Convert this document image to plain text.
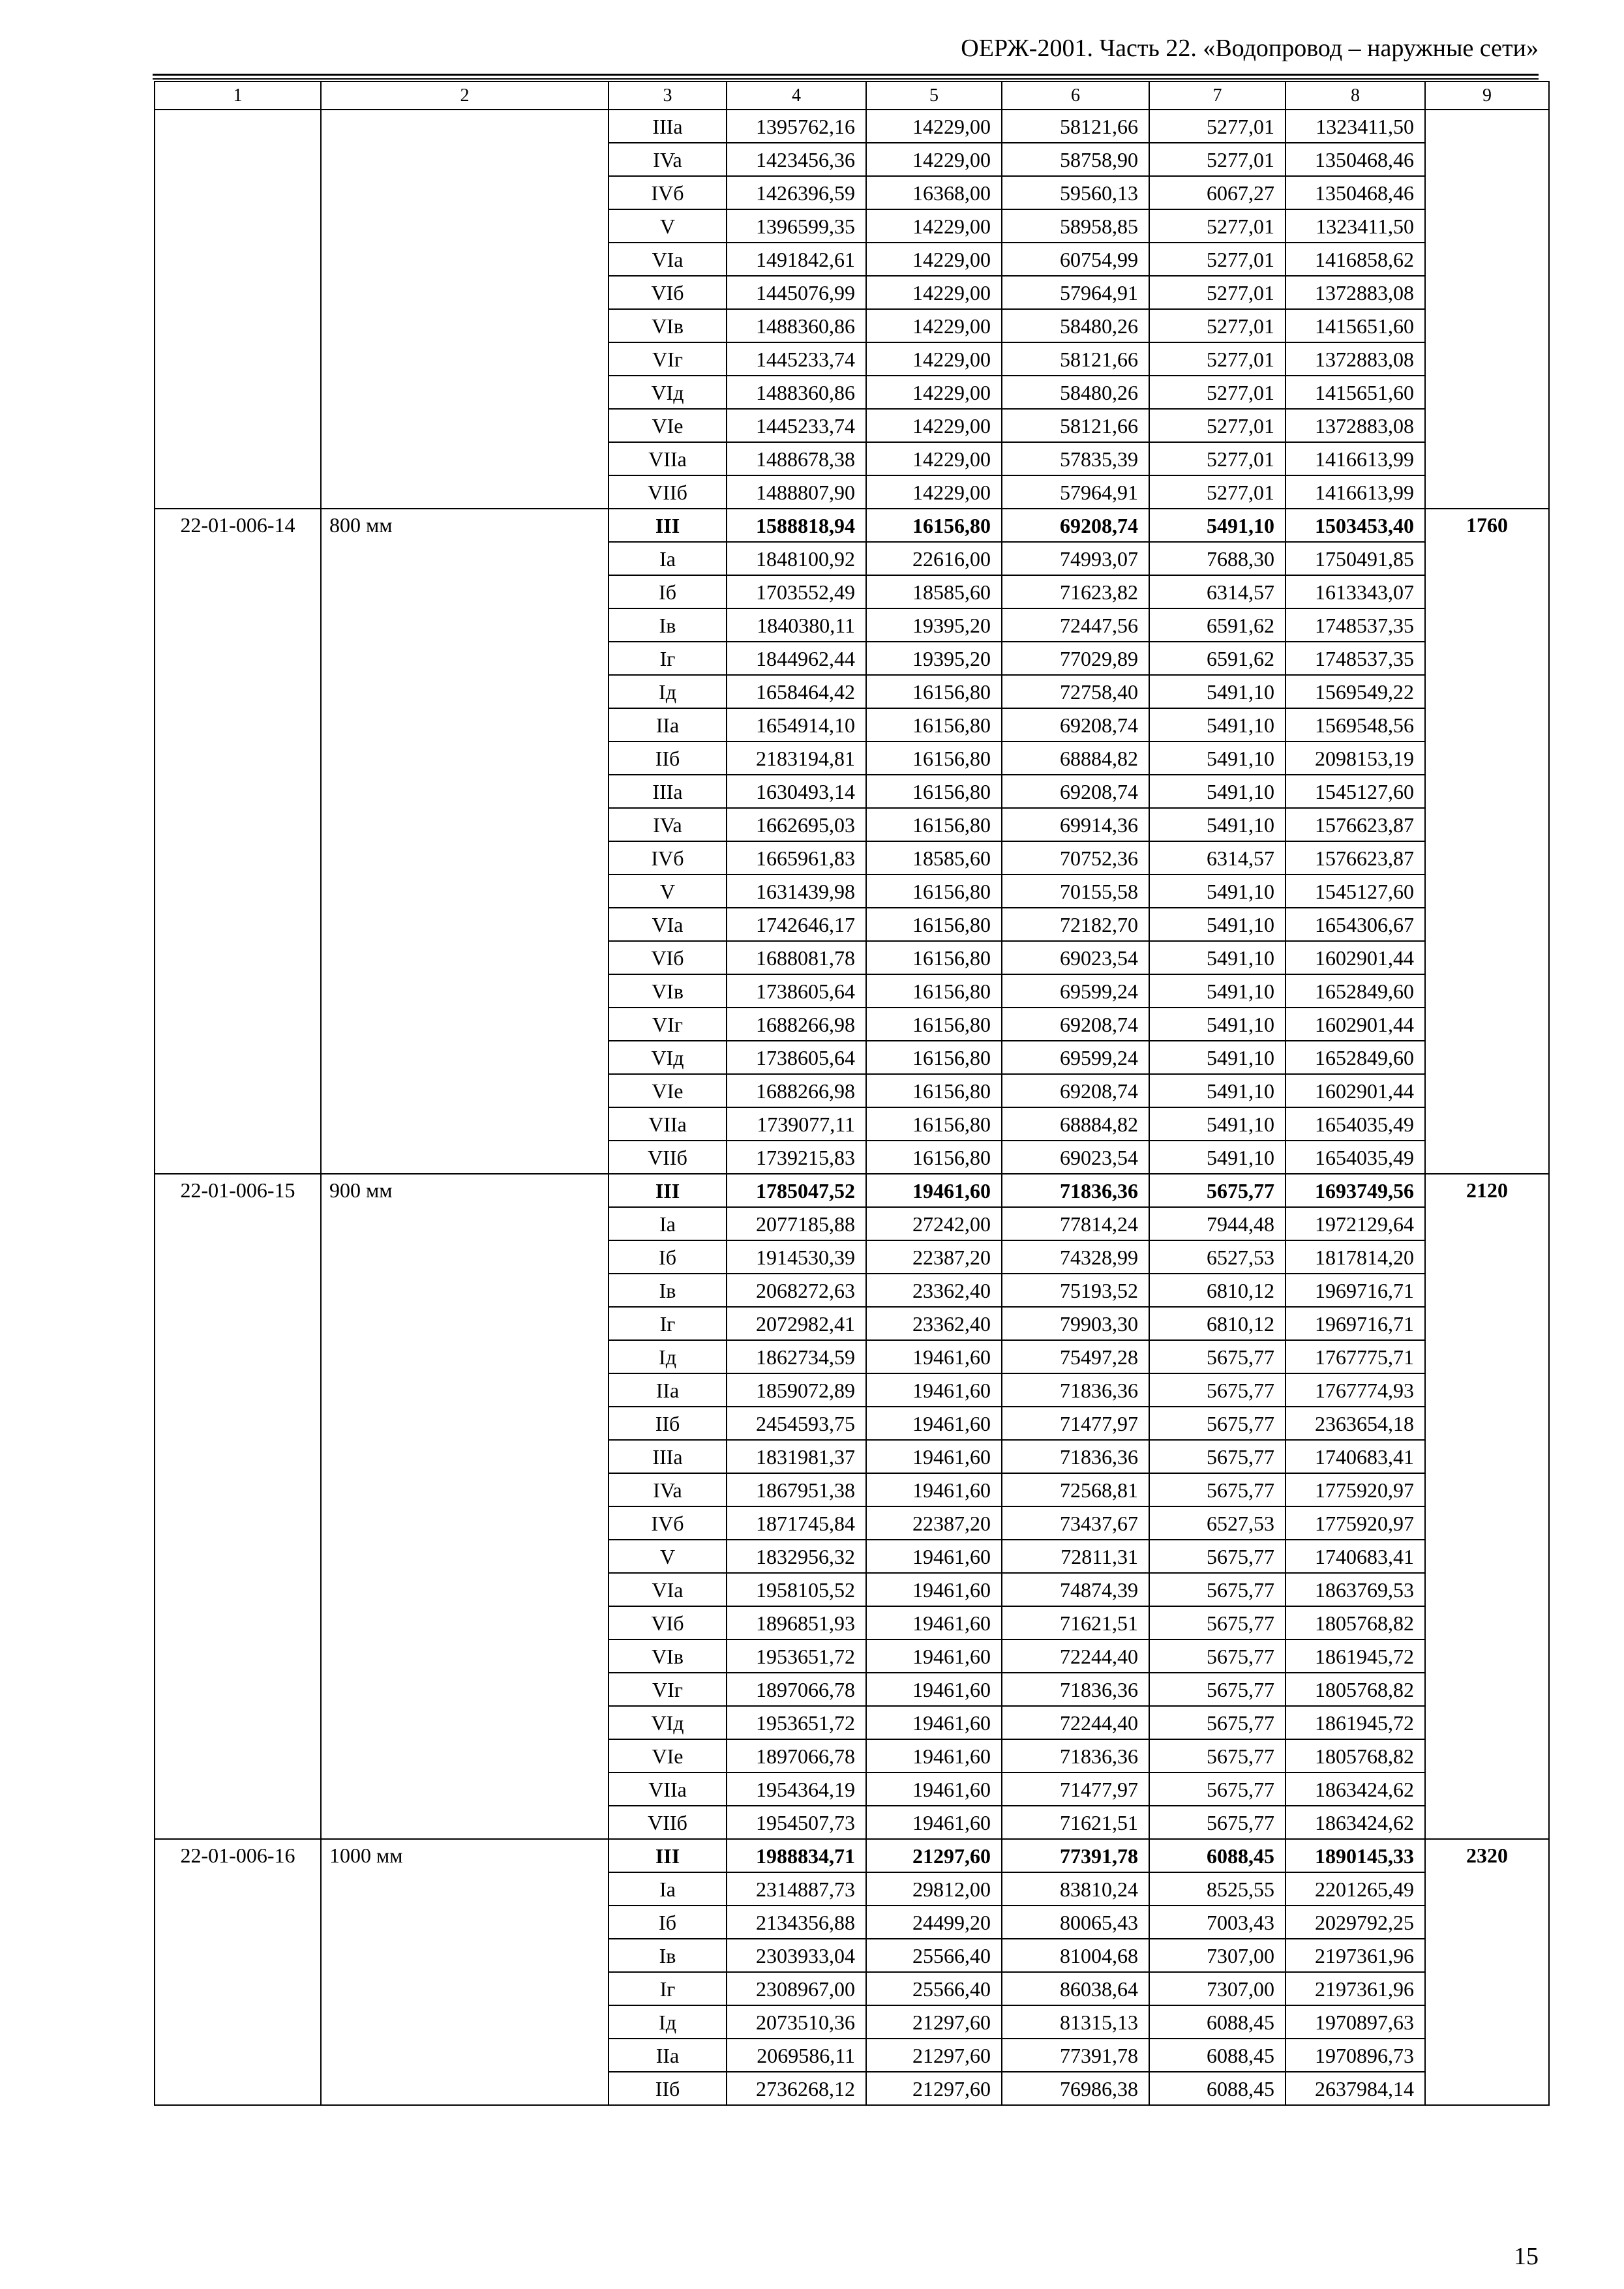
ОЕРЖ-2001. Часть 22. «Водопровод – наружные сети»
1	2	3	4	5	6	7	8	9
		IIIa	1395762,16	14229,00	58121,66	5277,01	1323411,50	
		IVa	1423456,36	14229,00	58758,90	5277,01	1350468,46	
		IVб	1426396,59	16368,00	59560,13	6067,27	1350468,46	
		V	1396599,35	14229,00	58958,85	5277,01	1323411,50	
		VIa	1491842,61	14229,00	60754,99	5277,01	1416858,62	
		VIб	1445076,99	14229,00	57964,91	5277,01	1372883,08	
		VIв	1488360,86	14229,00	58480,26	5277,01	1415651,60	
		VIг	1445233,74	14229,00	58121,66	5277,01	1372883,08	
		VIд	1488360,86	14229,00	58480,26	5277,01	1415651,60	
		VIe	1445233,74	14229,00	58121,66	5277,01	1372883,08	
		VIIa	1488678,38	14229,00	57835,39	5277,01	1416613,99	
		VIIб	1488807,90	14229,00	57964,91	5277,01	1416613,99	
22-01-006-14	800 мм	III	1588818,94	16156,80	69208,74	5491,10	1503453,40	1760
		Ia	1848100,92	22616,00	74993,07	7688,30	1750491,85	
		Iб	1703552,49	18585,60	71623,82	6314,57	1613343,07	
		Iв	1840380,11	19395,20	72447,56	6591,62	1748537,35	
		Iг	1844962,44	19395,20	77029,89	6591,62	1748537,35	
		Iд	1658464,42	16156,80	72758,40	5491,10	1569549,22	
		IIa	1654914,10	16156,80	69208,74	5491,10	1569548,56	
		IIб	2183194,81	16156,80	68884,82	5491,10	2098153,19	
		IIIa	1630493,14	16156,80	69208,74	5491,10	1545127,60	
		IVa	1662695,03	16156,80	69914,36	5491,10	1576623,87	
		IVб	1665961,83	18585,60	70752,36	6314,57	1576623,87	
		V	1631439,98	16156,80	70155,58	5491,10	1545127,60	
		VIa	1742646,17	16156,80	72182,70	5491,10	1654306,67	
		VIб	1688081,78	16156,80	69023,54	5491,10	1602901,44	
		VIв	1738605,64	16156,80	69599,24	5491,10	1652849,60	
		VIг	1688266,98	16156,80	69208,74	5491,10	1602901,44	
		VIд	1738605,64	16156,80	69599,24	5491,10	1652849,60	
		VIe	1688266,98	16156,80	69208,74	5491,10	1602901,44	
		VIIa	1739077,11	16156,80	68884,82	5491,10	1654035,49	
		VIIб	1739215,83	16156,80	69023,54	5491,10	1654035,49	
22-01-006-15	900 мм	III	1785047,52	19461,60	71836,36	5675,77	1693749,56	2120
		Ia	2077185,88	27242,00	77814,24	7944,48	1972129,64	
		Iб	1914530,39	22387,20	74328,99	6527,53	1817814,20	
		Iв	2068272,63	23362,40	75193,52	6810,12	1969716,71	
		Iг	2072982,41	23362,40	79903,30	6810,12	1969716,71	
		Iд	1862734,59	19461,60	75497,28	5675,77	1767775,71	
		IIa	1859072,89	19461,60	71836,36	5675,77	1767774,93	
		IIб	2454593,75	19461,60	71477,97	5675,77	2363654,18	
		IIIa	1831981,37	19461,60	71836,36	5675,77	1740683,41	
		IVa	1867951,38	19461,60	72568,81	5675,77	1775920,97	
		IVб	1871745,84	22387,20	73437,67	6527,53	1775920,97	
		V	1832956,32	19461,60	72811,31	5675,77	1740683,41	
		VIa	1958105,52	19461,60	74874,39	5675,77	1863769,53	
		VIб	1896851,93	19461,60	71621,51	5675,77	1805768,82	
		VIв	1953651,72	19461,60	72244,40	5675,77	1861945,72	
		VIг	1897066,78	19461,60	71836,36	5675,77	1805768,82	
		VIд	1953651,72	19461,60	72244,40	5675,77	1861945,72	
		VIe	1897066,78	19461,60	71836,36	5675,77	1805768,82	
		VIIa	1954364,19	19461,60	71477,97	5675,77	1863424,62	
		VIIб	1954507,73	19461,60	71621,51	5675,77	1863424,62	
22-01-006-16	1000 мм	III	1988834,71	21297,60	77391,78	6088,45	1890145,33	2320
		Ia	2314887,73	29812,00	83810,24	8525,55	2201265,49	
		Iб	2134356,88	24499,20	80065,43	7003,43	2029792,25	
		Iв	2303933,04	25566,40	81004,68	7307,00	2197361,96	
		Iг	2308967,00	25566,40	86038,64	7307,00	2197361,96	
		Iд	2073510,36	21297,60	81315,13	6088,45	1970897,63	
		IIa	2069586,11	21297,60	77391,78	6088,45	1970896,73	
		IIб	2736268,12	21297,60	76986,38	6088,45	2637984,14	
15
